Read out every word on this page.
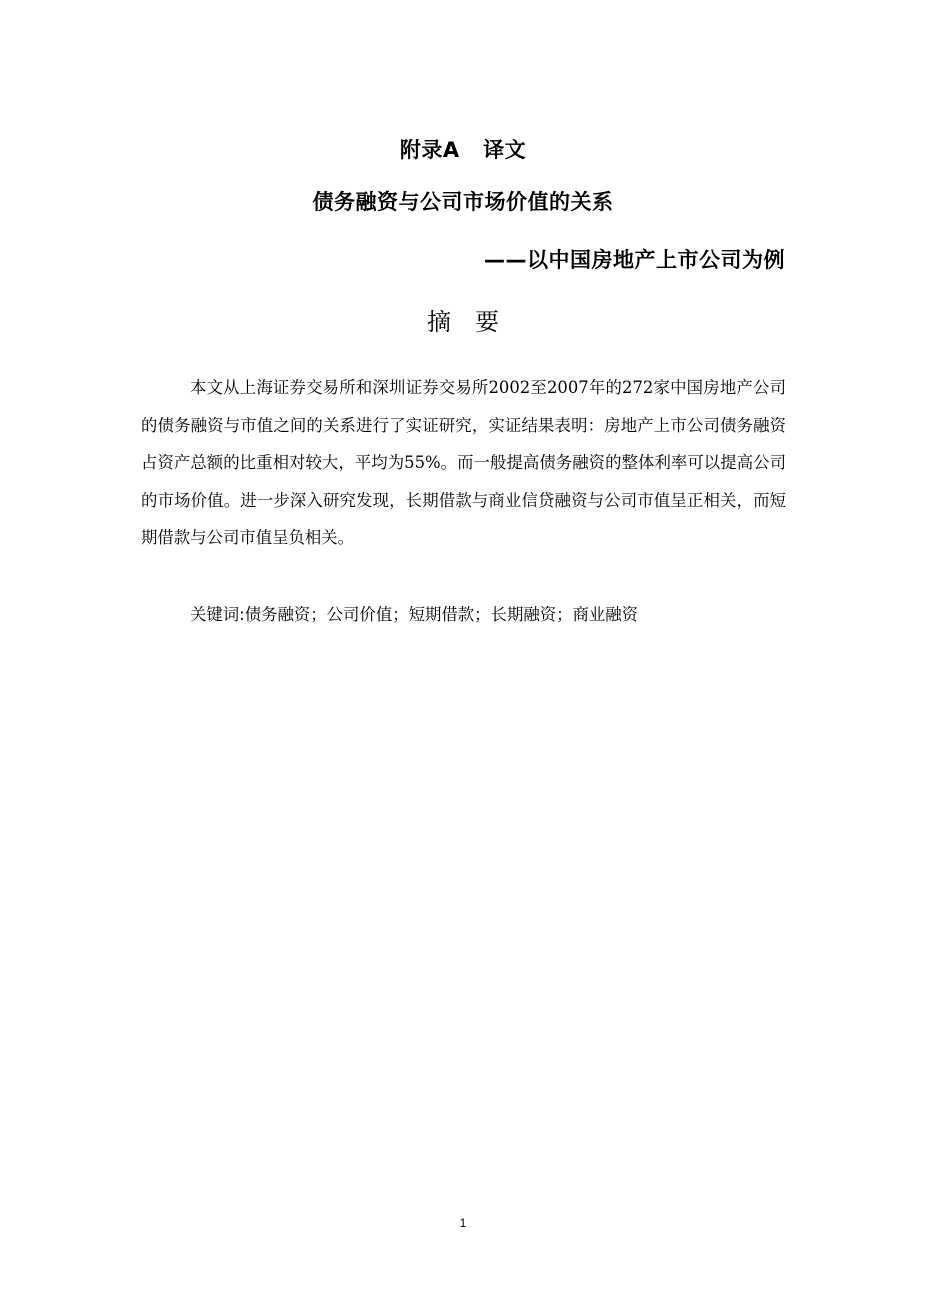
附录A   译文
债务融资与公司市场价值的关系
——以中国房地产上市公司为例
摘要

本文从上海证券交易所和深圳证券交易所2002至2007年的272家中国房地产公司的债务融资与市值之间的关系进行了实证研究，实证结果表明：房地产上市公司债务融资占资产总额的比重相对较大，平均为55%。而一般提高债务融资的整体利率可以提高公司的市场价值。进一步深入研究发现，长期借款与商业信贷融资与公司市值呈正相关，而短期借款与公司市值呈负相关。

关键词:债务融资；公司价值；短期借款；长期融资；商业融资
1
